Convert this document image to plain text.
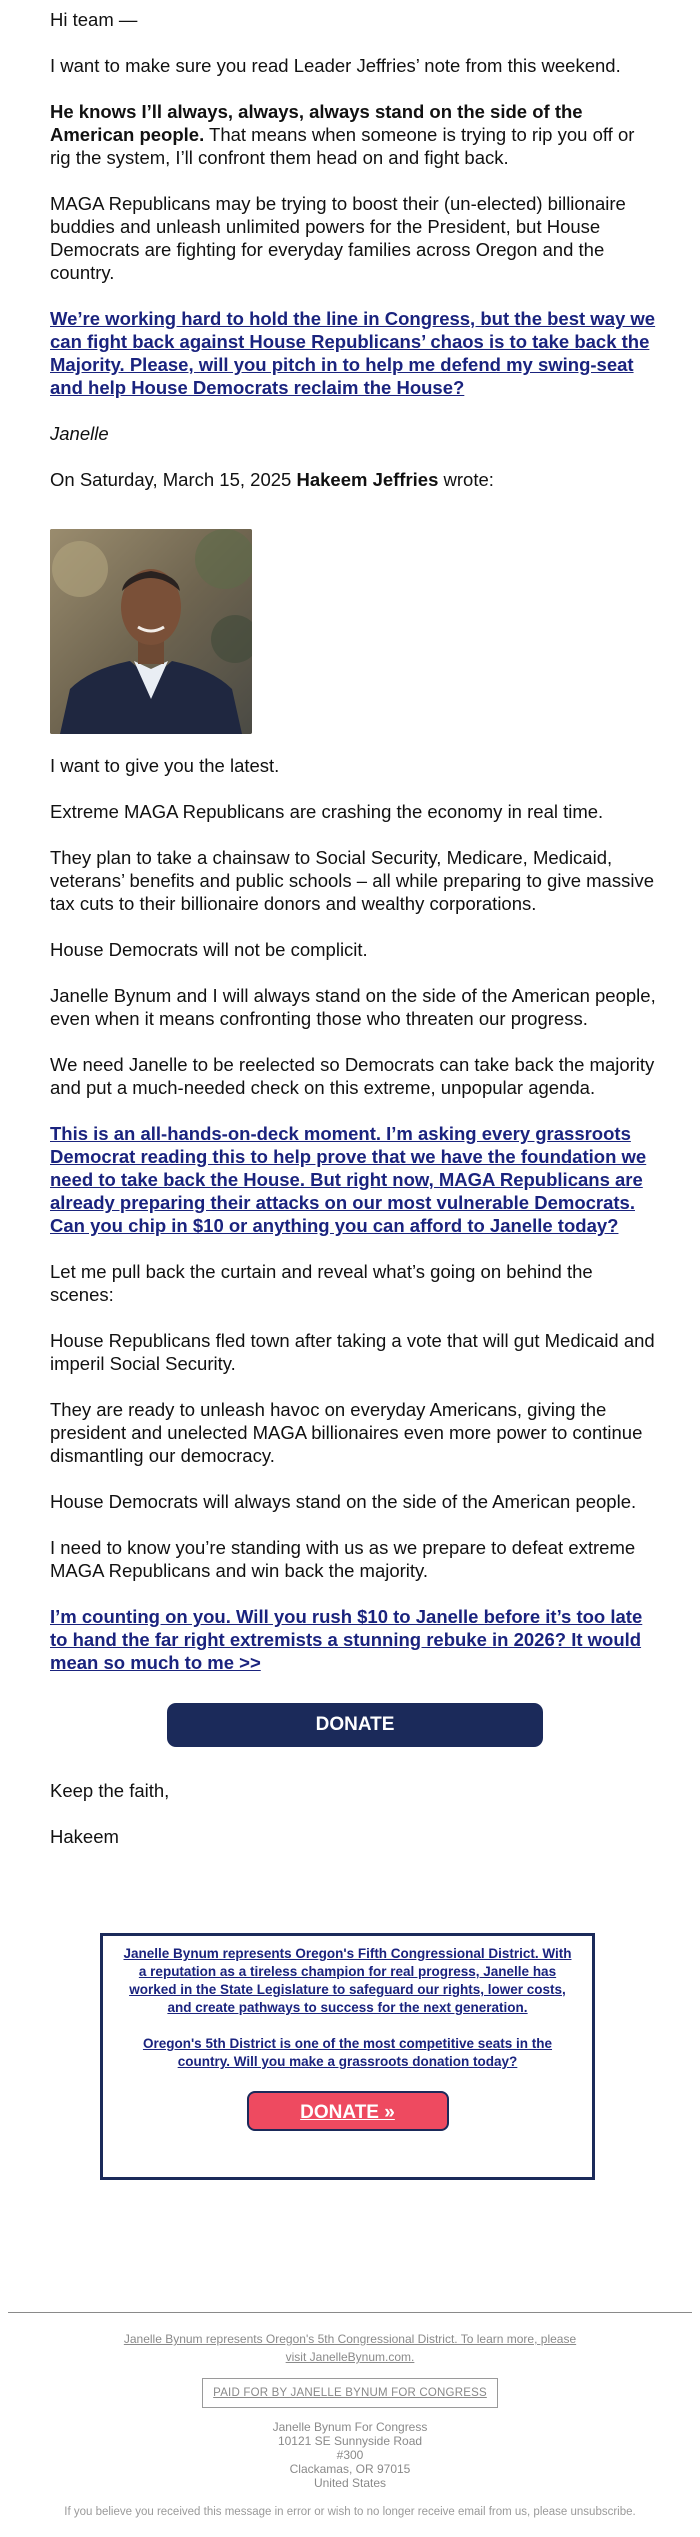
Hi team —

I want to make sure you read Leader Jeffries’ note from this weekend.

He knows I’ll always, always, always stand on the side of the American people. That means when someone is trying to rip you off or rig the system, I’ll confront them head on and fight back.

MAGA Republicans may be trying to boost their (un-elected) billionaire buddies and unleash unlimited powers for the President, but House Democrats are fighting for everyday families across Oregon and the country.

We’re working hard to hold the line in Congress, but the best way we can fight back against House Republicans’ chaos is to take back the Majority. Please, will you pitch in to help me defend my swing-seat and help House Democrats reclaim the House?

Janelle

On Saturday, March 15, 2025 Hakeem Jeffries wrote:

I want to give you the latest.

Extreme MAGA Republicans are crashing the economy in real time.

They plan to take a chainsaw to Social Security, Medicare, Medicaid, veterans’ benefits and public schools – all while preparing to give massive tax cuts to their billionaire donors and wealthy corporations.

House Democrats will not be complicit.

Janelle Bynum and I will always stand on the side of the American people, even when it means confronting those who threaten our progress.

We need Janelle to be reelected so Democrats can take back the majority and put a much-needed check on this extreme, unpopular agenda.

This is an all-hands-on-deck moment. I’m asking every grassroots Democrat reading this to help prove that we have the foundation we need to take back the House. But right now, MAGA Republicans are already preparing their attacks on our most vulnerable Democrats. Can you chip in $10 or anything you can afford to Janelle today?

Let me pull back the curtain and reveal what’s going on behind the scenes:

House Republicans fled town after taking a vote that will gut Medicaid and imperil Social Security.

They are ready to unleash havoc on everyday Americans, giving the president and unelected MAGA billionaires even more power to continue dismantling our democracy.

House Democrats will always stand on the side of the American people.

I need to know you’re standing with us as we prepare to defeat extreme MAGA Republicans and win back the majority.

I’m counting on you. Will you rush $10 to Janelle before it’s too late to hand the far right extremists a stunning rebuke in 2026? It would mean so much to me >>

DONATE

Keep the faith,

Hakeem

Janelle Bynum represents Oregon's Fifth Congressional District. With a reputation as a tireless champion for real progress, Janelle has worked in the State Legislature to safeguard our rights, lower costs, and create pathways to success for the next generation.

Oregon's 5th District is one of the most competitive seats in the country. Will you make a grassroots donation today?

DONATE »
Janelle Bynum represents Oregon's 5th Congressional District. To learn more, please visit JanelleBynum.com.
PAID FOR BY JANELLE BYNUM FOR CONGRESS
Janelle Bynum For Congress
10121 SE Sunnyside Road
#300
Clackamas, OR 97015
United States
If you believe you received this message in error or wish to no longer receive email from us, please unsubscribe.
